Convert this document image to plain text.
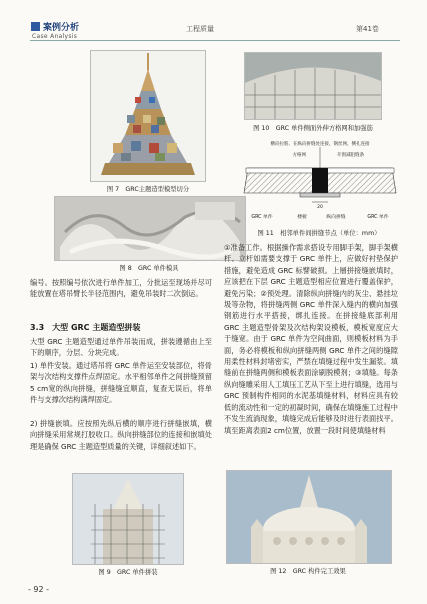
案例分析
Case Analysis
工程质量	第41卷
图 7　GRC主题造型模型切分
图 8　GRC 单件模具
编号。按照编号依次进行单件加工，分批运至现场并尽可能放置在塔吊臂长半径范围内，避免吊装时二次倒运。
3.3　大型 GRC 主题造型拼装
大型 GRC 主题造型通过单件吊装而成，拼装遵循由上至下的顺序，分层、分块完成。
1) 单件安装。通过塔吊将 GRC 单件运至安装部位，将骨架与次结构支撑件点焊固定。水平相邻单件之间拼缝预留5 cm宽的纵向拼缝，拼缝缝宜顺直，复查无误后，将单件与支撑次结构满焊固定。
2) 拼缝嵌填。应按照先纵后横的顺序进行拼缝嵌填，横向拼缝采用常规打胶收口。纵向拼缝部位的连接和嵌填处理是确保 GRC 主题造型质量的关键，详细叙述如下。
图 9　GRC 单件拼装
图 10　GRC 单件侧面外伸方格网和加强筋
横向拉筋、在纵向拼缝处连接、钢丝网、侧孔连接
方格网	开窗减阻缝条
20
GRC 单件	楼板	纵向拼缝	GRC 单件
图 11　相邻单件间拼缝节点（单位：mm）
①准备工作。根据操作需求搭设专用脚手架，脚手架横杆、立杆如需要支撑于 GRC 单件上，应做好衬垫保护措施，避免造成 GRC 标譬破损。上層拼接缝嵌填时，应该把在下层 GRC 主题造型相应位置进行覆盖保护，避免污染；②预处理。清除纵向拼缝内的灰尘、悬挂垃圾等杂物，将拼缝两侧 GRC 单件深入缝内的横向加强钢筋进行水平搭接，绑扎连接。在拼接缝底部利用 GRC 主题造型骨架及次结构架设模板，模板宽度应大于缝宽。由于 GRC 单件为空间曲面，则模板材料为手面，务必将模板和纵向拼缝两侧 GRC 单件之间的缝隙用柔性材料封堵密实，严禁在填缝过程中发生漏浆。填缝前在拼缝两侧和模板表面涂刷脱模剂；③填缝。每条纵向缝雕采用人工填压工艺从下至上进行填缝，选用与 GRC 预制构件相同的水泥基填缝材料，材料应具有较低的流动性和一定的初凝时间，确保在填缝施工过程中不发生流淌现象，填缝完成后能够及时进行表面找平。填至距离表面2 cm位置，放置一段时间使填缝材料
图 12　GRC 构件完工效果
- 92 -
